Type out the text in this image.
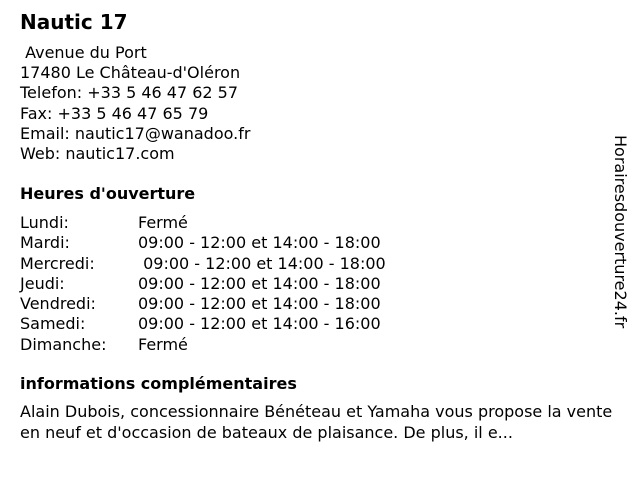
Nautic 17
Avenue du Port
17480 Le Château-d'Oléron
Telefon: +33 5 46 47 62 57
Fax: +33 5 46 47 65 79
Email: nautic17@wanadoo.fr
Web: nautic17.com
Heures d'ouverture
Lundi:	Fermé
Mardi:	09:00 - 12:00 et 14:00 - 18:00
Mercredi:	09:00 - 12:00 et 14:00 - 18:00
Jeudi:	09:00 - 12:00 et 14:00 - 18:00
Vendredi:	09:00 - 12:00 et 14:00 - 18:00
Samedi:	09:00 - 12:00 et 14:00 - 16:00
Dimanche: Fermé
informations complémentaires

Alain Dubois, concessionnaire Bénéteau et Yamaha vous propose la vente en neuf et d'occasion de bateaux de plaisance. De plus, il e...

Horairesdouverture24.fr
